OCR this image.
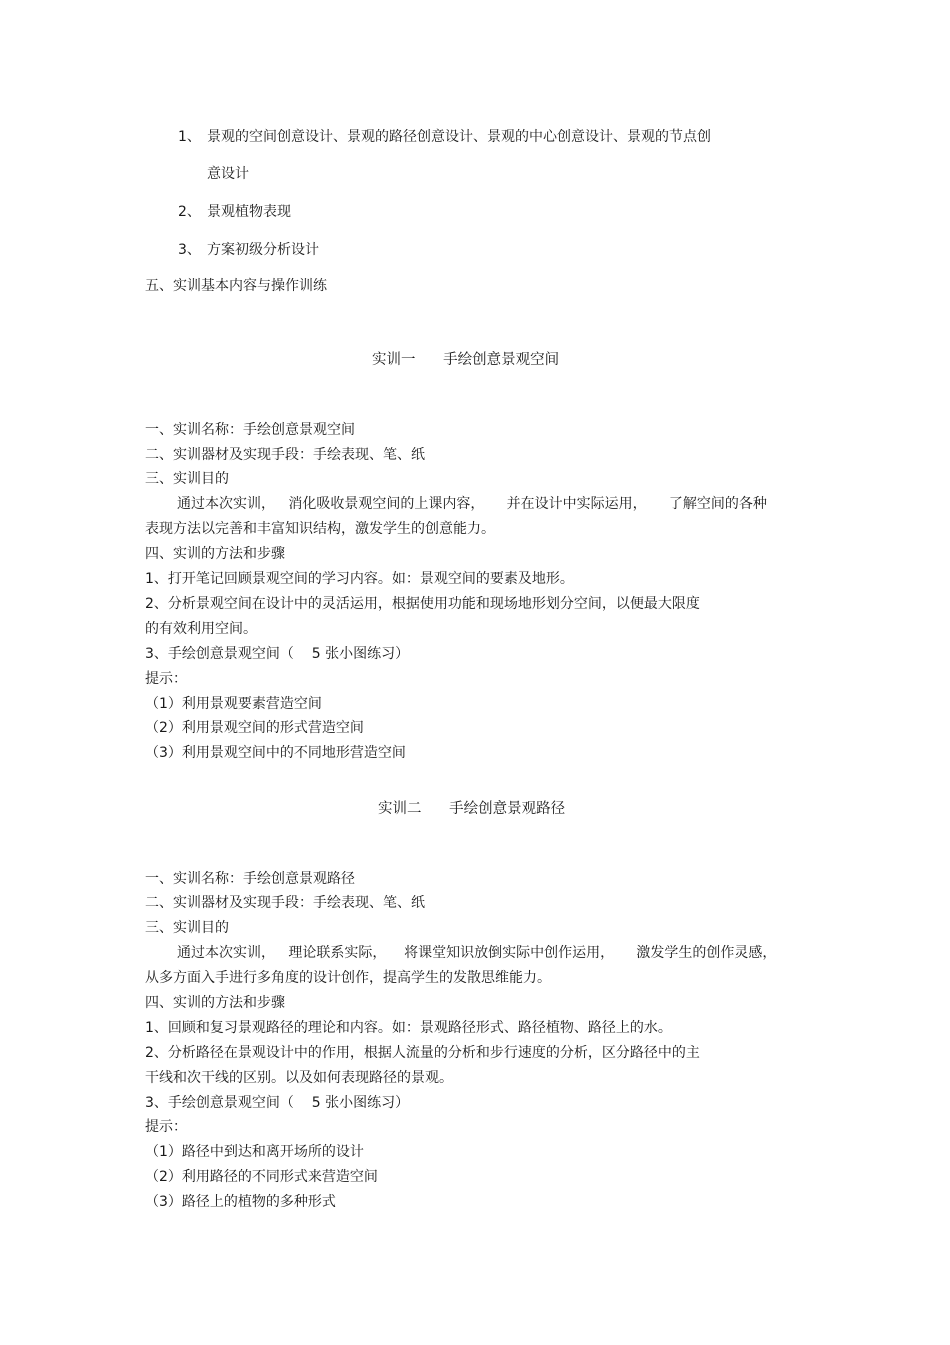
1、 景观的空间创意设计、景观的路径创意设计、景观的中心创意设计、景观的节点创
意设计
2、 景观植物表现
3、 方案初级分析设计
五、实训基本内容与操作训练
实训一      手绘创意景观空间
一、实训名称：手绘创意景观空间
二、实训器材及实现手段：手绘表现、笔、纸
三、实训目的
通过本次实训，   消化吸收景观空间的上课内容，     并在设计中实际运用，     了解空间的各种
表现方法以完善和丰富知识结构，激发学生的创意能力。
四、实训的方法和步骤
1、打开笔记回顾景观空间的学习内容。如：景观空间的要素及地形。
2、分析景观空间在设计中的灵活运用，根据使用功能和现场地形划分空间，以便最大限度
的有效利用空间。
3、手绘创意景观空间（    5 张小图练习）
提示：
（1）利用景观要素营造空间
（2）利用景观空间的形式营造空间
（3）利用景观空间中的不同地形营造空间
实训二      手绘创意景观路径
一、实训名称：手绘创意景观路径
二、实训器材及实现手段：手绘表现、笔、纸
三、实训目的
通过本次实训，   理论联系实际，    将课堂知识放倒实际中创作运用，     激发学生的创作灵感，
从多方面入手进行多角度的设计创作，提高学生的发散思维能力。
四、实训的方法和步骤
1、回顾和复习景观路径的理论和内容。如：景观路径形式、路径植物、路径上的水。
2、分析路径在景观设计中的作用，根据人流量的分析和步行速度的分析，区分路径中的主
干线和次干线的区别。以及如何表现路径的景观。
3、手绘创意景观空间（    5 张小图练习）
提示：
（1）路径中到达和离开场所的设计
（2）利用路径的不同形式来营造空间
（3）路径上的植物的多种形式
